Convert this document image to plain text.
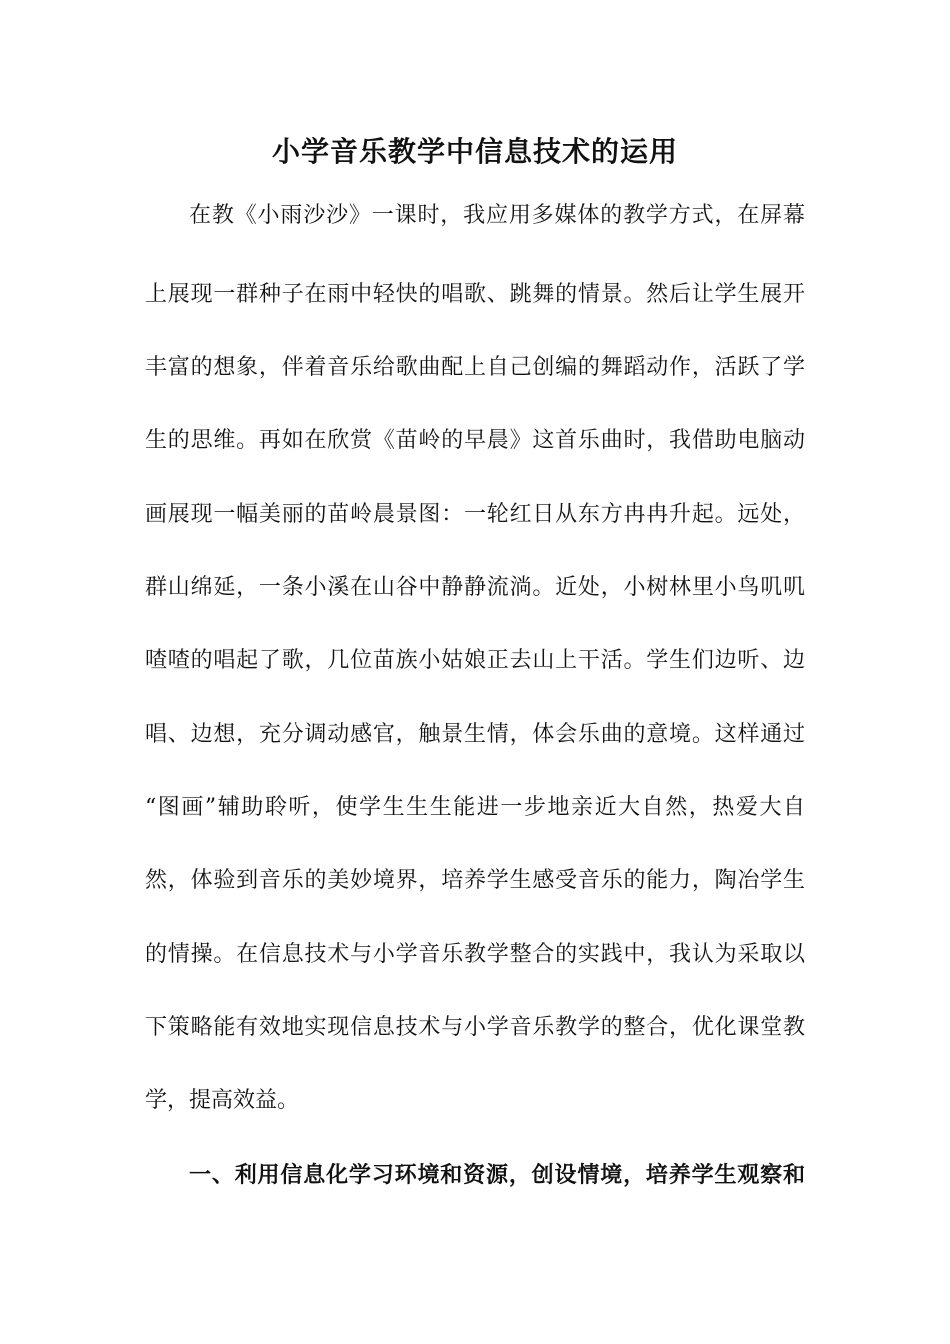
小学音乐教学中信息技术的运用
在教《小雨沙沙》一课时，我应用多媒体的教学方式，在屏幕
上展现一群种子在雨中轻快的唱歌、跳舞的情景。然后让学生展开
丰富的想象，伴着音乐给歌曲配上自己创编的舞蹈动作，活跃了学
生的思维。再如在欣赏《苗岭的早晨》这首乐曲时，我借助电脑动
画展现一幅美丽的苗岭晨景图：一轮红日从东方冉冉升起。远处，
群山绵延，一条小溪在山谷中静静流淌。近处，小树林里小鸟叽叽
喳喳的唱起了歌，几位苗族小姑娘正去山上干活。学生们边听、边
唱、边想，充分调动感官，触景生情，体会乐曲的意境。这样通过
“图画”辅助聆听，使学生生生能进一步地亲近大自然，热爱大自
然，体验到音乐的美妙境界，培养学生感受音乐的能力，陶冶学生
的情操。在信息技术与小学音乐教学整合的实践中，我认为采取以
下策略能有效地实现信息技术与小学音乐教学的整合，优化课堂教
学，提高效益。
一、利用信息化学习环境和资源，创设情境，培养学生观察和
